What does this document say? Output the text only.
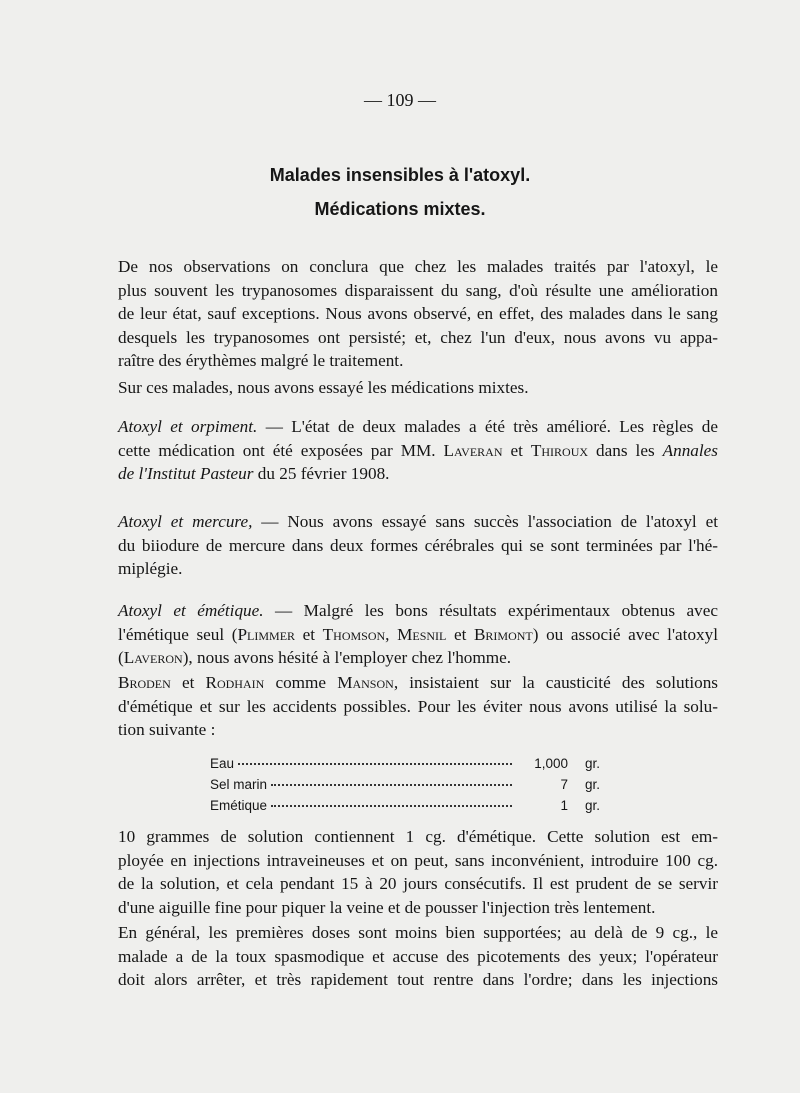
— 109 —
Malades insensibles à l'atoxyl.
Médications mixtes.
De nos observations on conclura que chez les malades traités par l'atoxyl, le
plus souvent les trypanosomes disparaissent du sang, d'où résulte une amélioration
de leur état, sauf exceptions. Nous avons observé, en effet, des malades dans le sang
desquels les trypanosomes ont persisté; et, chez l'un d'eux, nous avons vu appa-
raître des érythèmes malgré le traitement.
Sur ces malades, nous avons essayé les médications mixtes.
Atoxyl et orpiment. — L'état de deux malades a été très amélioré. Les règles de
cette médication ont été exposées par MM. Laveran et Thiroux dans les Annales
de l'Institut Pasteur du 25 février 1908.
Atoxyl et mercure, — Nous avons essayé sans succès l'association de l'atoxyl et
du biiodure de mercure dans deux formes cérébrales qui se sont terminées par l'hé-
miplégie.
Atoxyl et émétique. — Malgré les bons résultats expérimentaux obtenus avec
l'émétique seul (Plimmer et Thomson, Mesnil et Brimont) ou associé avec l'atoxyl
(Laveron), nous avons hésité à l'employer chez l'homme.
Broden et Rodhain comme Manson, insistaient sur la causticité des solutions
d'émétique et sur les accidents possibles. Pour les éviter nous avons utilisé la solu-
tion suivante :
Eau	1,000	gr.
Sel marin	7	gr.
Emétique	1	gr.
10 grammes de solution contiennent 1 cg. d'émétique. Cette solution est em-
ployée en injections intraveineuses et on peut, sans inconvénient, introduire 100 cg.
de la solution, et cela pendant 15 à 20 jours consécutifs. Il est prudent de se servir
d'une aiguille fine pour piquer la veine et de pousser l'injection très lentement.
En général, les premières doses sont moins bien supportées; au delà de 9 cg., le
malade a de la toux spasmodique et accuse des picotements des yeux; l'opérateur
doit alors arrêter, et très rapidement tout rentre dans l'ordre; dans les injections
